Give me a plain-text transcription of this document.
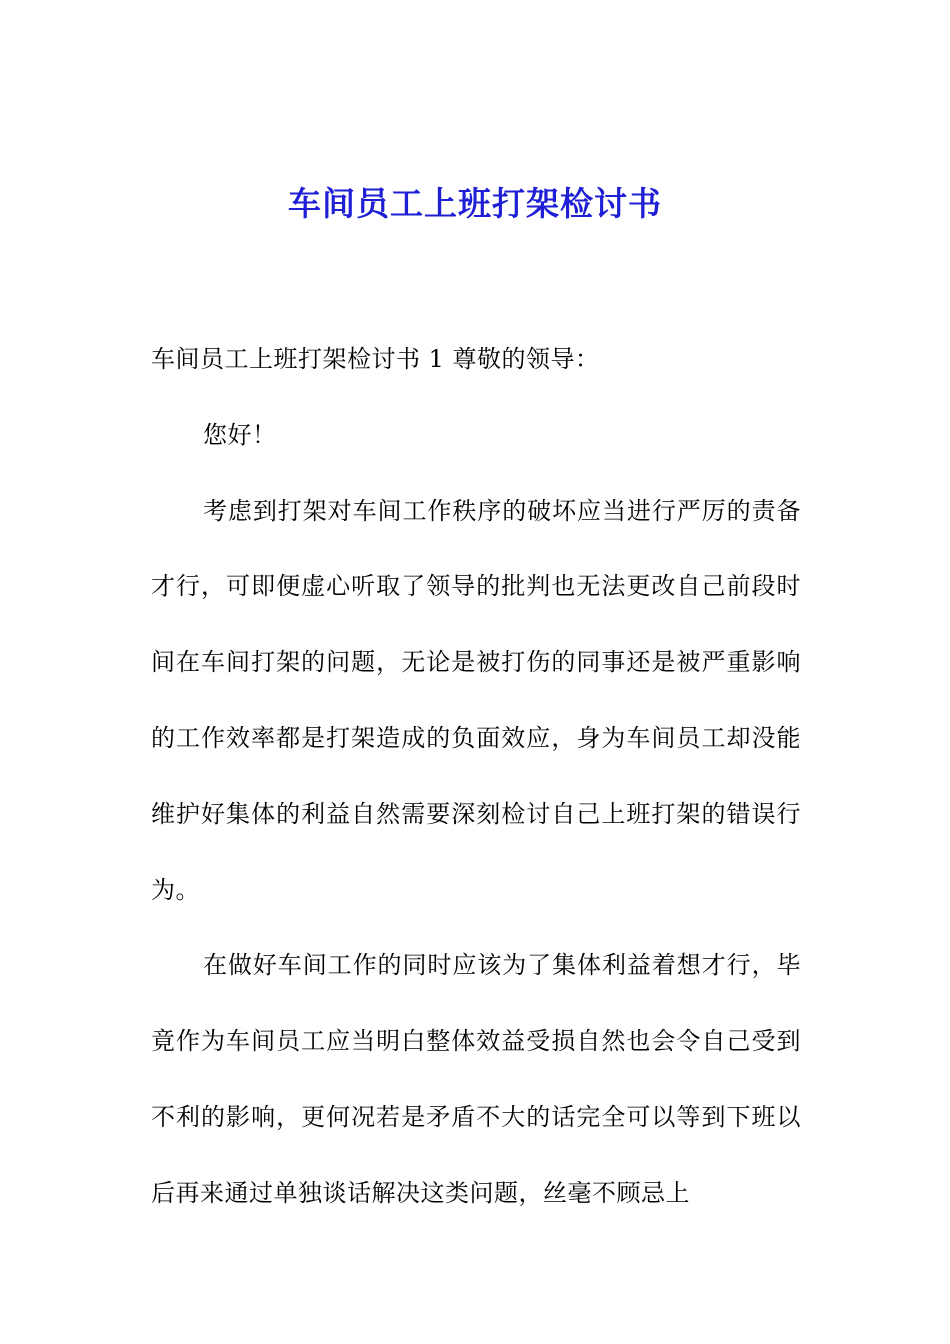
车间员工上班打架检讨书

车间员工上班打架检讨书 1 尊敬的领导：

您好！

考虑到打架对车间工作秩序的破坏应当进行严厉的责备才行，可即便虚心听取了领导的批判也无法更改自己前段时间在车间打架的问题，无论是被打伤的同事还是被严重影响的工作效率都是打架造成的负面效应，身为车间员工却没能维护好集体的利益自然需要深刻检讨自己上班打架的错误行为。

在做好车间工作的同时应该为了集体利益着想才行，毕竟作为车间员工应当明白整体效益受损自然也会令自己受到不利的影响，更何况若是矛盾不大的话完全可以等到下班以后再来通过单独谈话解决这类问题，丝毫不顾忌上
